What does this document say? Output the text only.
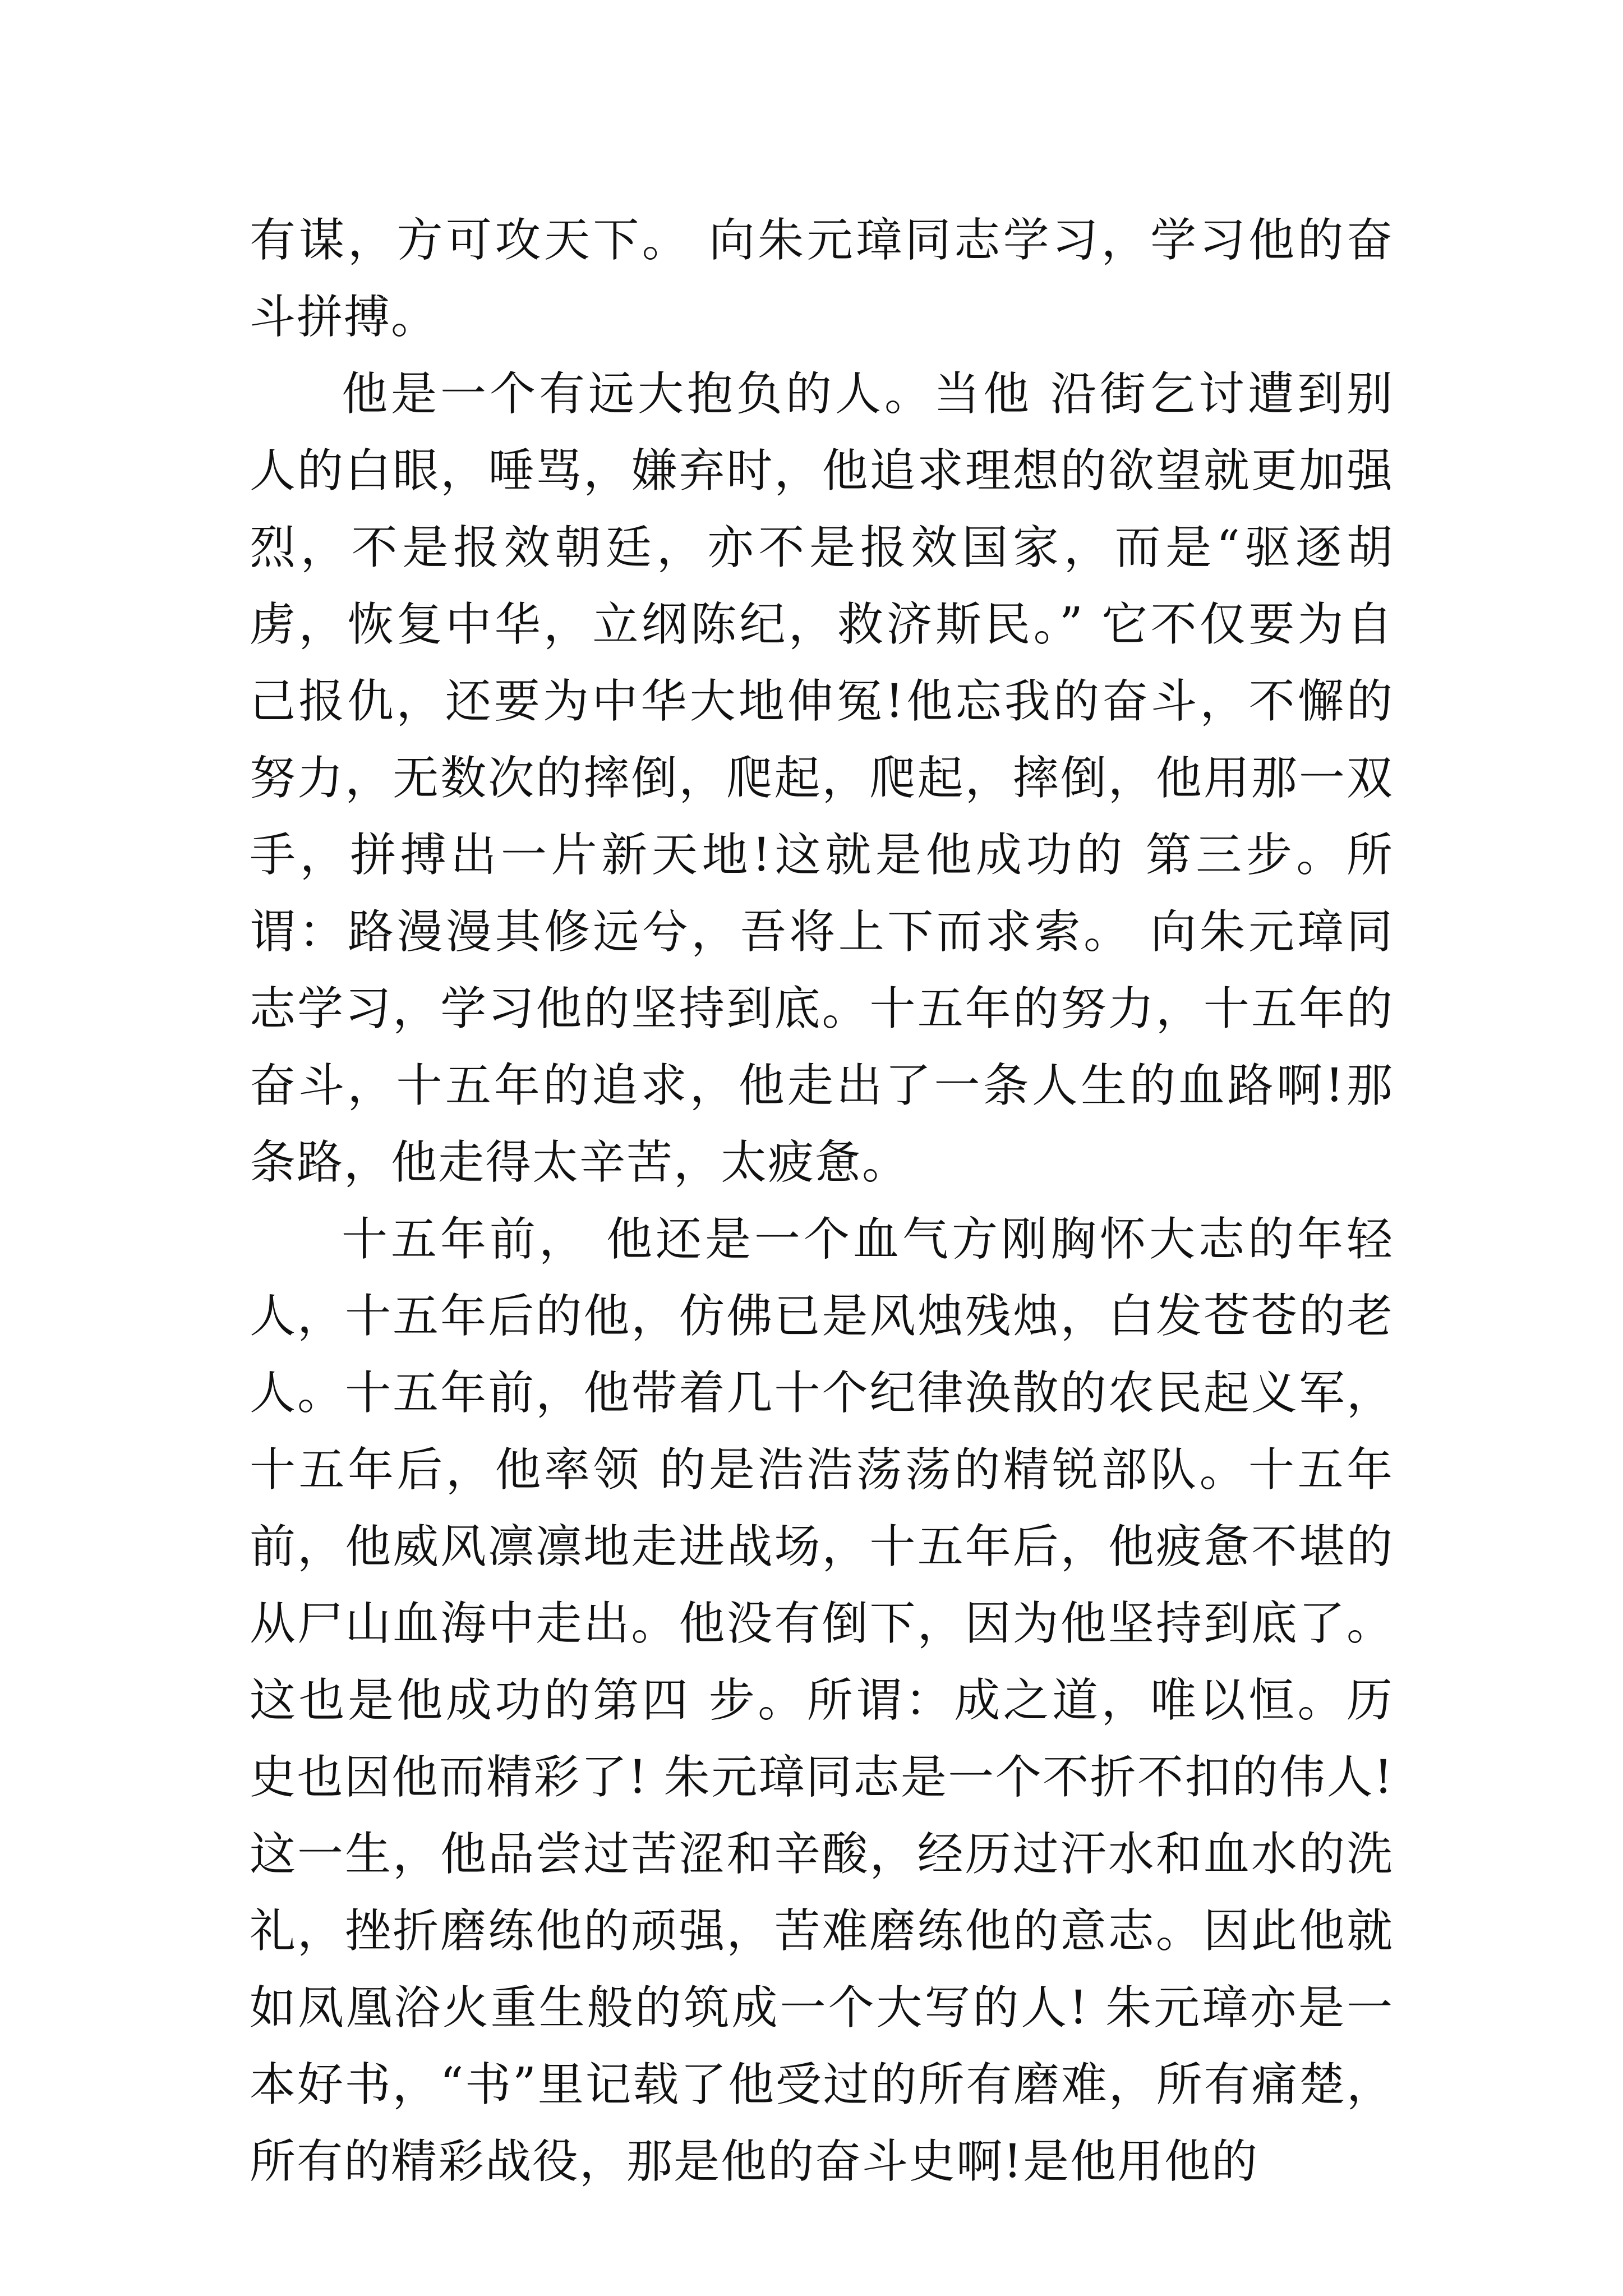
有谋，方可攻天下。 向朱元璋同志学习，学习他的奋斗拼搏。

他是一个有远大抱负的人。当他 沿街乞讨遭到别人的白眼，唾骂，嫌弃时，他追求理想的欲望就更加强烈，不是报效朝廷，亦不是报效国家，而是“驱逐胡虏，恢复中华，立纲陈纪，救济斯民。” 它不仅要为自己报仇，还要为中华大地伸冤!他忘我的奋斗，不懈的努力，无数次的摔倒，爬起，爬起，摔倒，他用那一双手，拼搏出一片新天地!这就是他成功的 第三步。所谓：路漫漫其修远兮，吾将上下而求索。 向朱元璋同志学习，学习他的坚持到底。十五年的努力，十五年的奋斗，十五年的追求，他走出了一条人生的血路啊!那条路，他走得太辛苦，太疲惫。

十五年前， 他还是一个血气方刚胸怀大志的年轻人，十五年后的他，仿佛已是风烛残烛，白发苍苍的老人。十五年前，他带着几十个纪律涣散的农民起义军，十五年后，他率领 的是浩浩荡荡的精锐部队。十五年前，他威风凛凛地走进战场，十五年后，他疲惫不堪的从尸山血海中走出。他没有倒下，因为他坚持到底了。这也是他成功的第四 步。所谓：成之道，唯以恒。历史也因他而精彩了! 朱元璋同志是一个不折不扣的伟人!这一生，他品尝过苦涩和辛酸，经历过汗水和血水的洗礼，挫折磨练他的顽强，苦难磨练他的意志。因此他就如凤凰浴火重生般的筑成一个大写的人! 朱元璋亦是一本好书，“书”里记载了他受过的所有磨难，所有痛楚，所有的精彩战役，那是他的奋斗史啊!是他用他的
